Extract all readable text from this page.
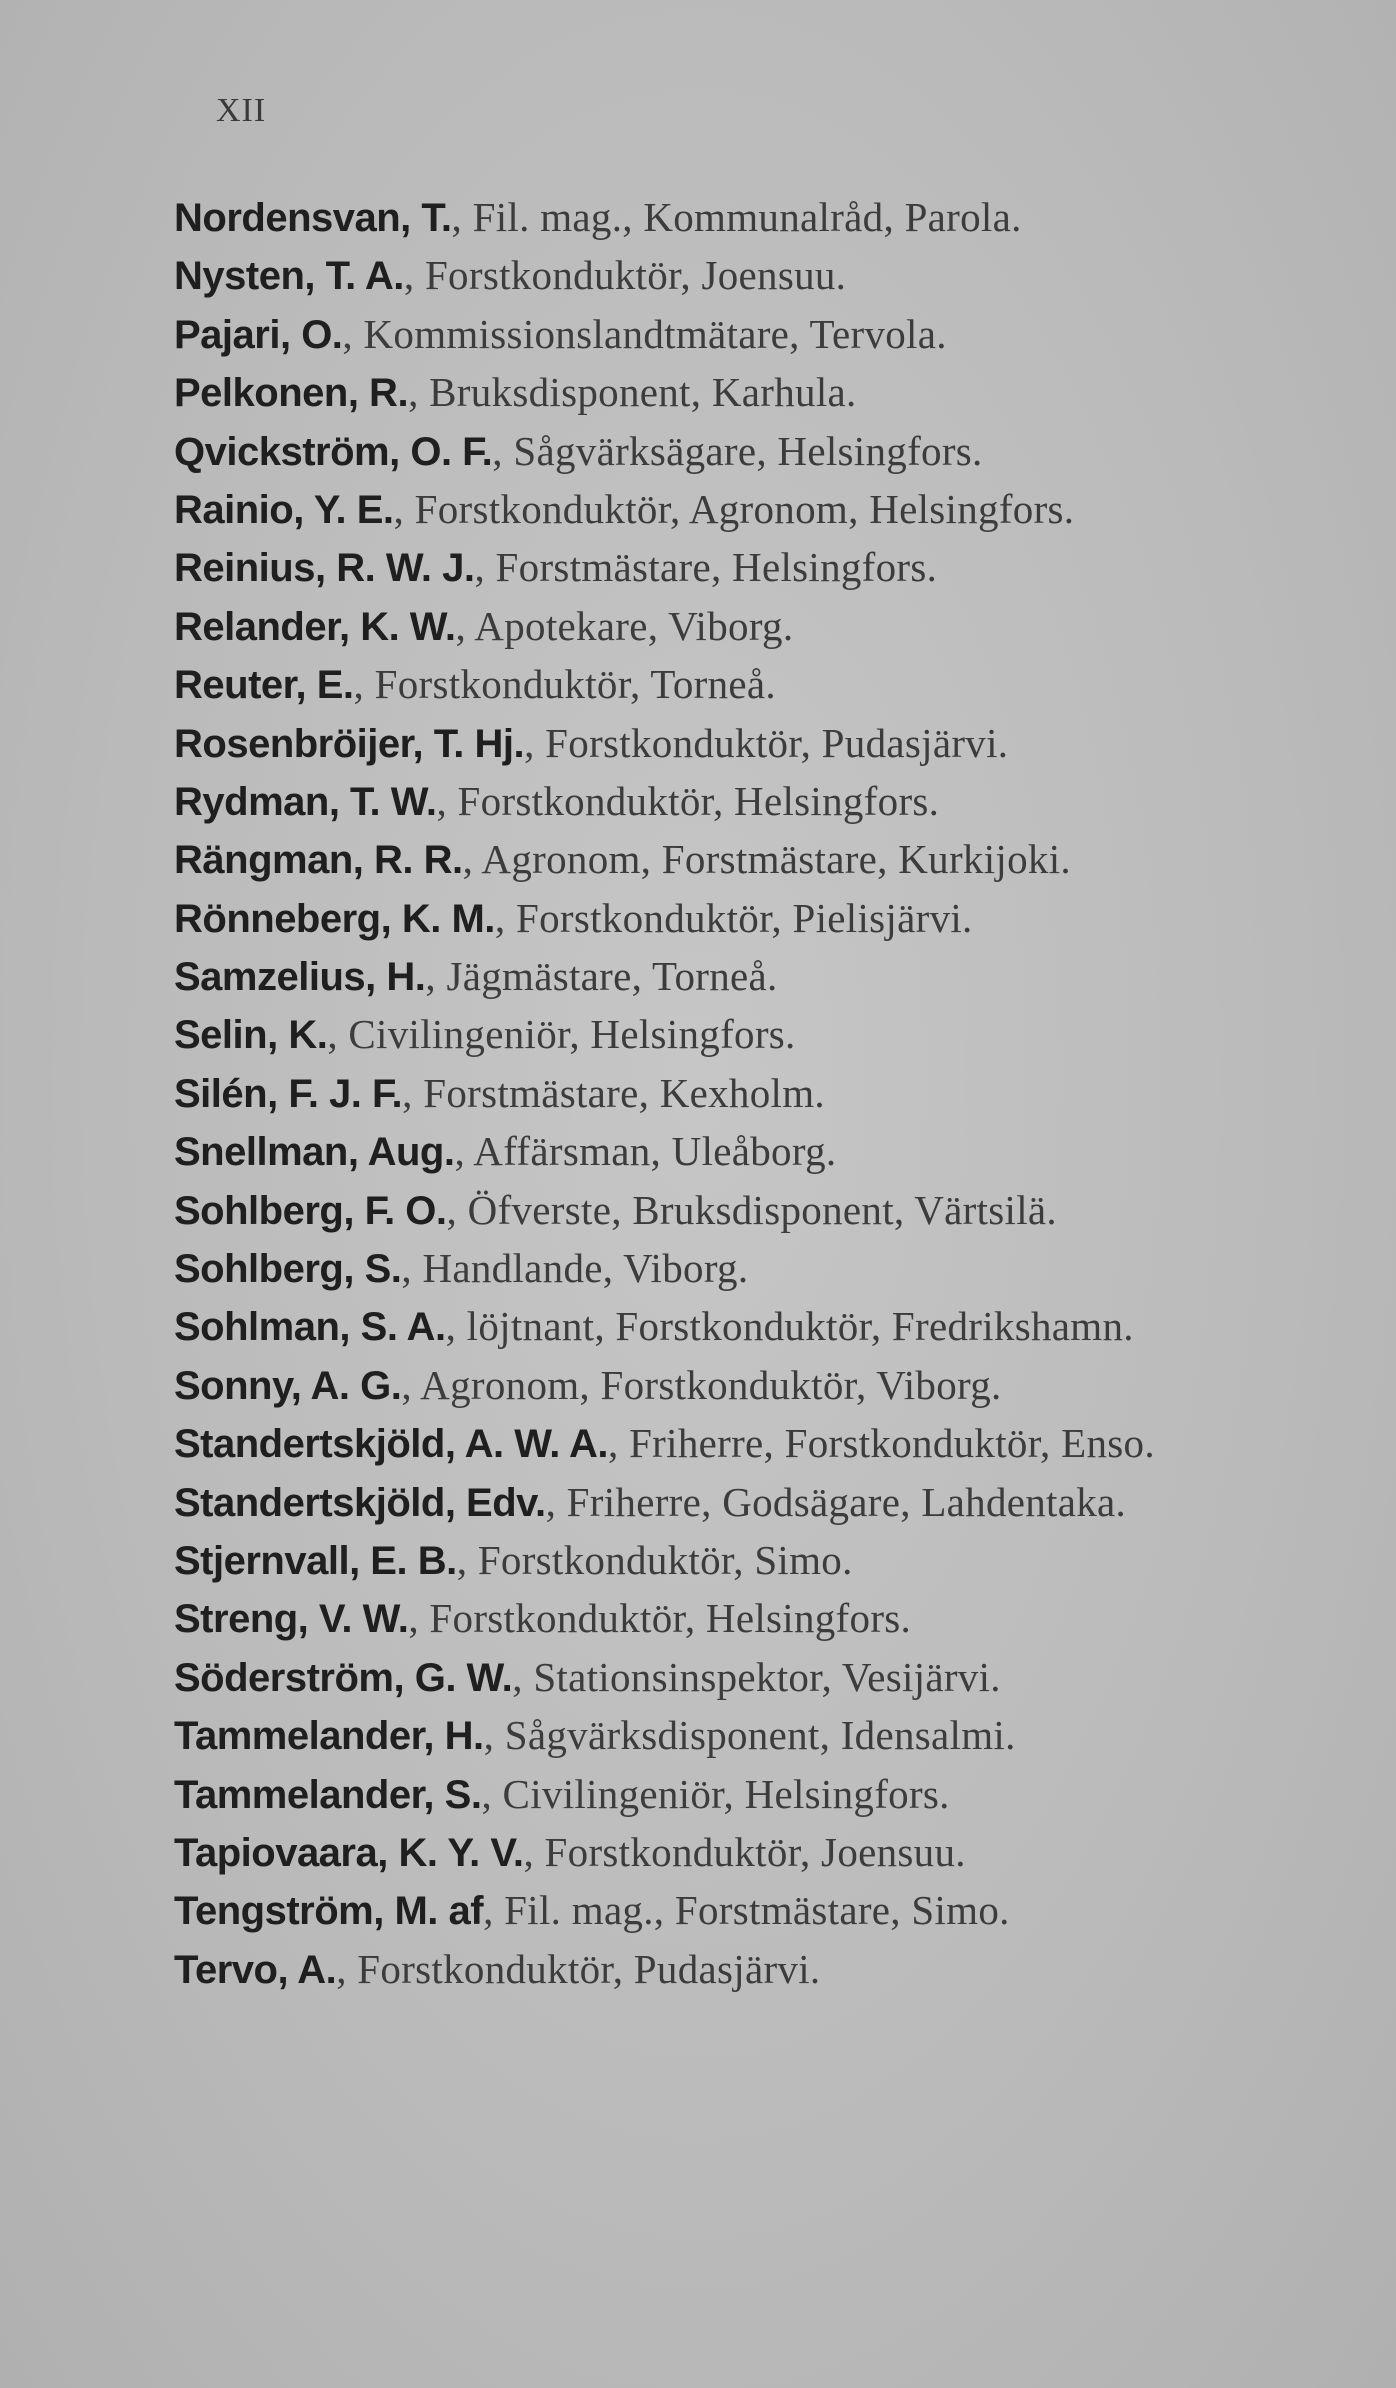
XII
Nordensvan, T., Fil. mag., Kommunalråd, Parola.
Nysten, T. A., Forstkonduktör, Joensuu.
Pajari, O., Kommissionslandtmätare, Tervola.
Pelkonen, R., Bruksdisponent, Karhula.
Qvickström, O. F., Sågvärksägare, Helsingfors.
Rainio, Y. E., Forstkonduktör, Agronom, Helsingfors.
Reinius, R. W. J., Forstmästare, Helsingfors.
Relander, K. W., Apotekare, Viborg.
Reuter, E., Forstkonduktör, Torneå.
Rosenbröijer, T. Hj., Forstkonduktör, Pudasjärvi.
Rydman, T. W., Forstkonduktör, Helsingfors.
Rängman, R. R., Agronom, Forstmästare, Kurkijoki.
Rönneberg, K. M., Forstkonduktör, Pielisjärvi.
Samzelius, H., Jägmästare, Torneå.
Selin, K., Civilingeniör, Helsingfors.
Silén, F. J. F., Forstmästare, Kexholm.
Snellman, Aug., Affärsman, Uleåborg.
Sohlberg, F. O., Öfverste, Bruksdisponent, Värtsilä.
Sohlberg, S., Handlande, Viborg.
Sohlman, S. A., löjtnant, Forstkonduktör, Fredrikshamn.
Sonny, A. G., Agronom, Forstkonduktör, Viborg.
Standertskjöld, A. W. A., Friherre, Forstkonduktör, Enso.
Standertskjöld, Edv., Friherre, Godsägare, Lahdentaka.
Stjernvall, E. B., Forstkonduktör, Simo.
Streng, V. W., Forstkonduktör, Helsingfors.
Söderström, G. W., Stationsinspektor, Vesijärvi.
Tammelander, H., Sågvärksdisponent, Idensalmi.
Tammelander, S., Civilingeniör, Helsingfors.
Tapiovaara, K. Y. V., Forstkonduktör, Joensuu.
Tengström, M. af, Fil. mag., Forstmästare, Simo.
Tervo, A., Forstkonduktör, Pudasjärvi.
